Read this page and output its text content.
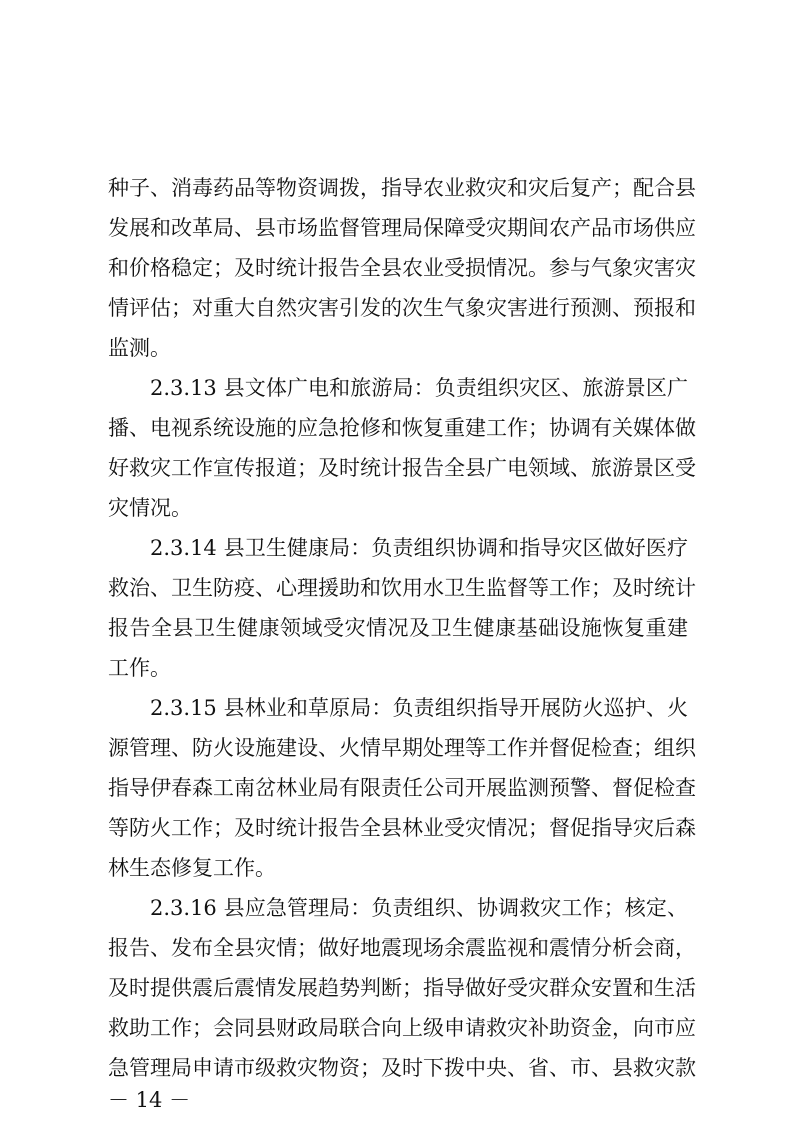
种子、消毒药品等物资调拨，指导农业救灾和灾后复产；配合县
发展和改革局、县市场监督管理局保障受灾期间农产品市场供应
和价格稳定；及时统计报告全县农业受损情况。参与气象灾害灾
情评估；对重大自然灾害引发的次生气象灾害进行预测、预报和
监测。
2.3.13 县文体广电和旅游局：负责组织灾区、旅游景区广
播、电视系统设施的应急抢修和恢复重建工作；协调有关媒体做
好救灾工作宣传报道；及时统计报告全县广电领域、旅游景区受
灾情况。
2.3.14 县卫生健康局：负责组织协调和指导灾区做好医疗
救治、卫生防疫、心理援助和饮用水卫生监督等工作；及时统计
报告全县卫生健康领域受灾情况及卫生健康基础设施恢复重建
工作。
2.3.15 县林业和草原局：负责组织指导开展防火巡护、火
源管理、防火设施建设、火情早期处理等工作并督促检查；组织
指导伊春森工南岔林业局有限责任公司开展监测预警、督促检查
等防火工作；及时统计报告全县林业受灾情况；督促指导灾后森
林生态修复工作。
2.3.16 县应急管理局：负责组织、协调救灾工作；核定、
报告、发布全县灾情；做好地震现场余震监视和震情分析会商，
及时提供震后震情发展趋势判断；指导做好受灾群众安置和生活
救助工作；会同县财政局联合向上级申请救灾补助资金，向市应
急管理局申请市级救灾物资；及时下拨中央、省、市、县救灾款
－ 14 －
